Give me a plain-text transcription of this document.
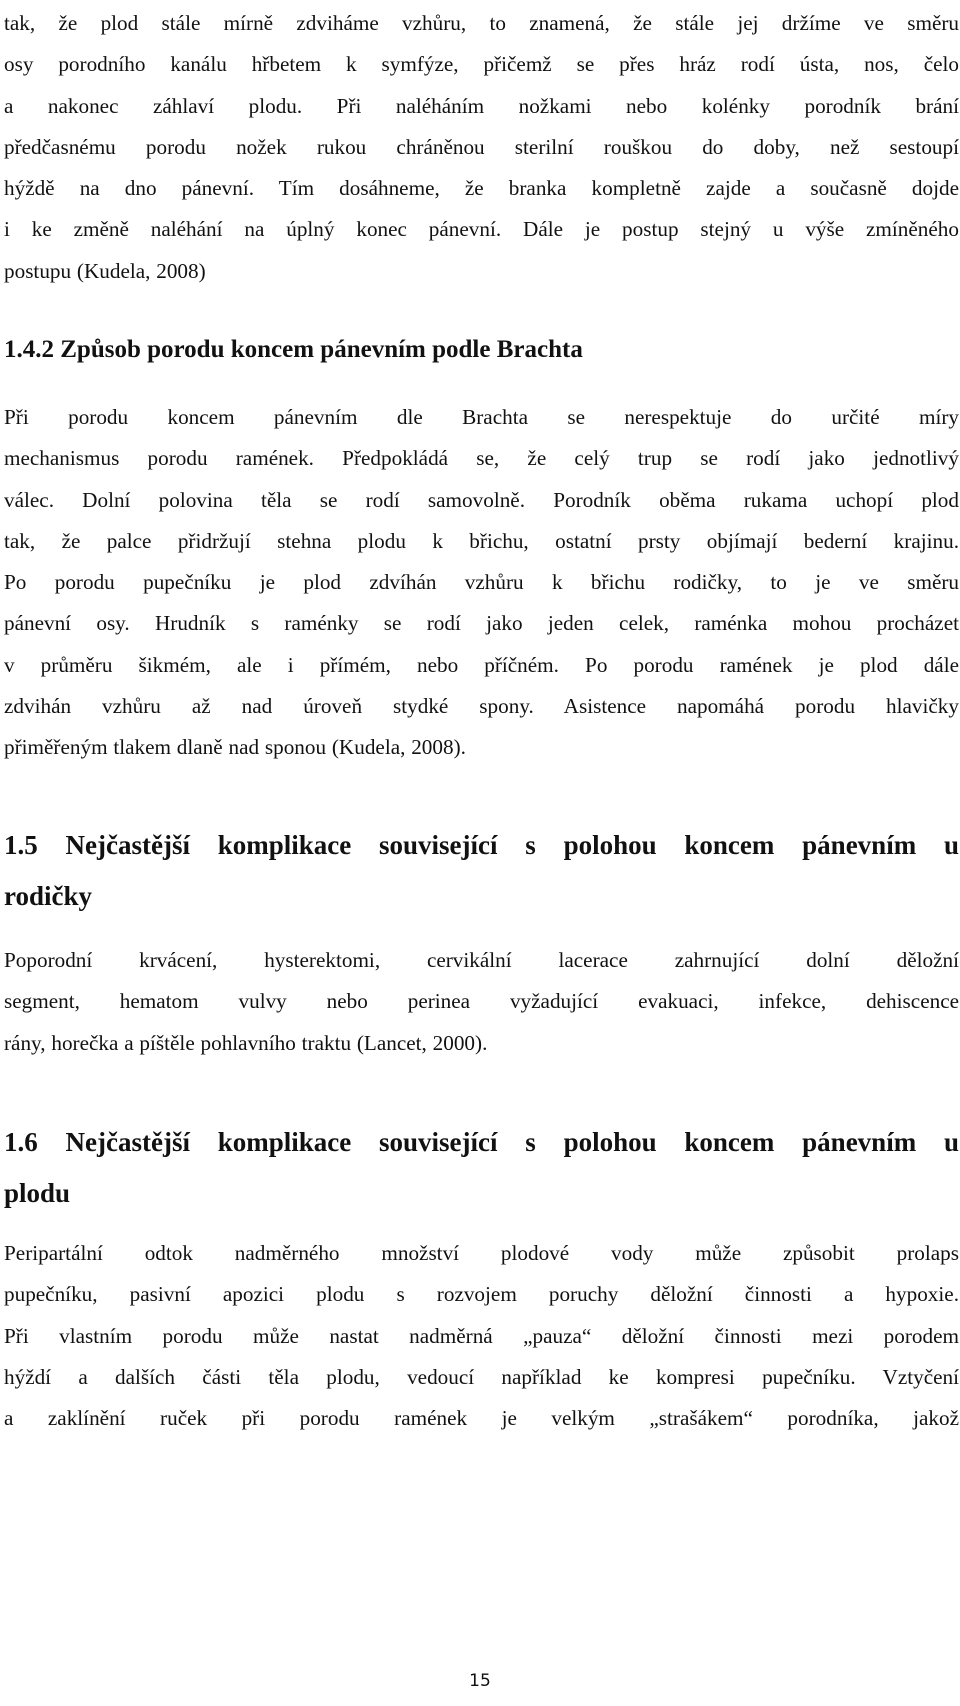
tak, že plod stále mírně zdviháme vzhůru, to znamená, že stále jej držíme ve směru
osy porodního kanálu hřbetem k symfýze, přičemž se přes hráz rodí ústa, nos, čelo
a nakonec záhlaví plodu. Při naléháním nožkami nebo kolénky porodník brání
předčasnému porodu nožek rukou chráněnou sterilní rouškou do doby, než sestoupí
hýždě na dno pánevní. Tím dosáhneme, že branka kompletně zajde a současně dojde
i ke změně naléhání na úplný konec pánevní. Dále je postup stejný u výše zmíněného
postupu (Kudela, 2008)
1.4.2 Způsob porodu koncem pánevním podle Brachta
Při porodu koncem pánevním dle Brachta se nerespektuje do určité míry
mechanismus porodu ramének. Předpokládá se, že celý trup se rodí jako jednotlivý
válec. Dolní polovina těla se rodí samovolně. Porodník oběma rukama uchopí plod
tak, že palce přidržují stehna plodu k břichu, ostatní prsty objímají bederní krajinu.
Po porodu pupečníku je plod zdvíhán vzhůru k břichu rodičky, to je ve směru
pánevní osy. Hrudník s raménky se rodí jako jeden celek, raménka mohou procházet
v průměru šikmém, ale i přímém, nebo příčném. Po porodu ramének je plod dále
zdvihán vzhůru až nad úroveň stydké spony. Asistence napomáhá porodu hlavičky
přiměřeným tlakem dlaně nad sponou (Kudela, 2008).
1.5 Nejčastější komplikace související s polohou koncem pánevním u
rodičky
Poporodní krvácení, hysterektomi, cervikální lacerace zahrnující dolní děložní
segment, hematom vulvy nebo perinea vyžadující evakuaci, infekce, dehiscence
rány, horečka a píštěle pohlavního traktu (Lancet, 2000).
1.6 Nejčastější komplikace související s polohou koncem pánevním u
plodu
Peripartální odtok nadměrného množství plodové vody může způsobit prolaps
pupečníku, pasivní apozici plodu s rozvojem poruchy děložní činnosti a hypoxie.
Při vlastním porodu může nastat nadměrná „pauza“ děložní činnosti mezi porodem
hýždí a dalších části těla plodu, vedoucí například ke kompresi pupečníku. Vztyčení
a zaklínění ruček při porodu ramének je velkým „strašákem“ porodníka, jakož
15
